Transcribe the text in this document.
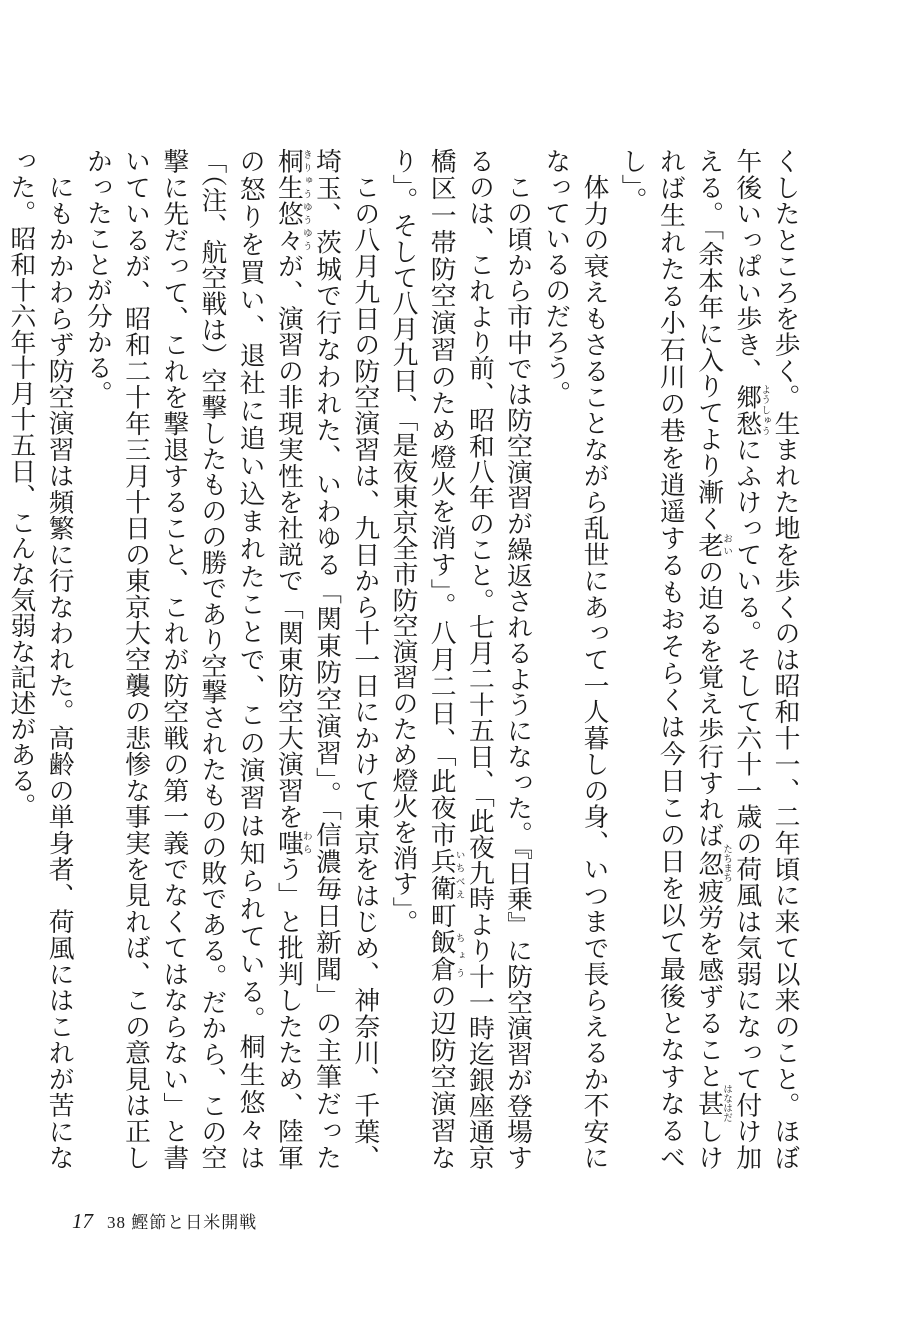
くしたところを歩く。生まれた地を歩くのは昭和十一、二年頃に来て以来のこと。ほぼ午後いっぱい歩き、郷愁ようしゅうにふけっている。そして六十一歳の荷風は気弱になって付け加える。「余本年に入りてより漸く老おいの迫るを覚え歩行すれば忽たちまち疲労を感ずること甚はなはだしければ生れたる小石川の巷を逍遥するもおそらくは今日この日を以て最後となすなるべし」。

体力の衰えもさることながら乱世にあって一人暮しの身、いつまで長らえるか不安になっているのだろう。

この頃から市中では防空演習が繰返されるようになった。『日乗』に防空演習が登場するのは、これより前、昭和八年のこと。七月二十五日、「此夜九時より十一時迄銀座通京橋区一帯防空演習のため燈火を消す」。八月二日、「此夜市兵衛いちべえ町飯倉ちょうの辺防空演習なり」。そして八月九日、「是夜東京全市防空演習のため燈火を消す」。

この八月九日の防空演習は、九日から十一日にかけて東京をはじめ、神奈川、千葉、埼玉、茨城で行なわれた、いわゆる「関東防空演習」。「信濃毎日新聞」の主筆だった桐生悠々きりゅうゆうゆうが、演習の非現実性を社説で「関東防空大演習を嗤わらう」と批判したため、陸軍の怒りを買い、退社に追い込まれたことで、この演習は知られている。桐生悠々は「（注、航空戦は）空撃したものの勝であり空撃されたものの敗である。だから、この空撃に先だって、これを撃退すること、これが防空戦の第一義でなくてはならない」と書いているが、昭和二十年三月十日の東京大空襲の悲惨な事実を見れば、この意見は正しかったことが分かる。

にもかかわらず防空演習は頻繁に行なわれた。高齢の単身者、荷風にはこれが苦になった。昭和十六年十月十五日、こんな気弱な記述がある。

17 38 鰹節と日米開戦
